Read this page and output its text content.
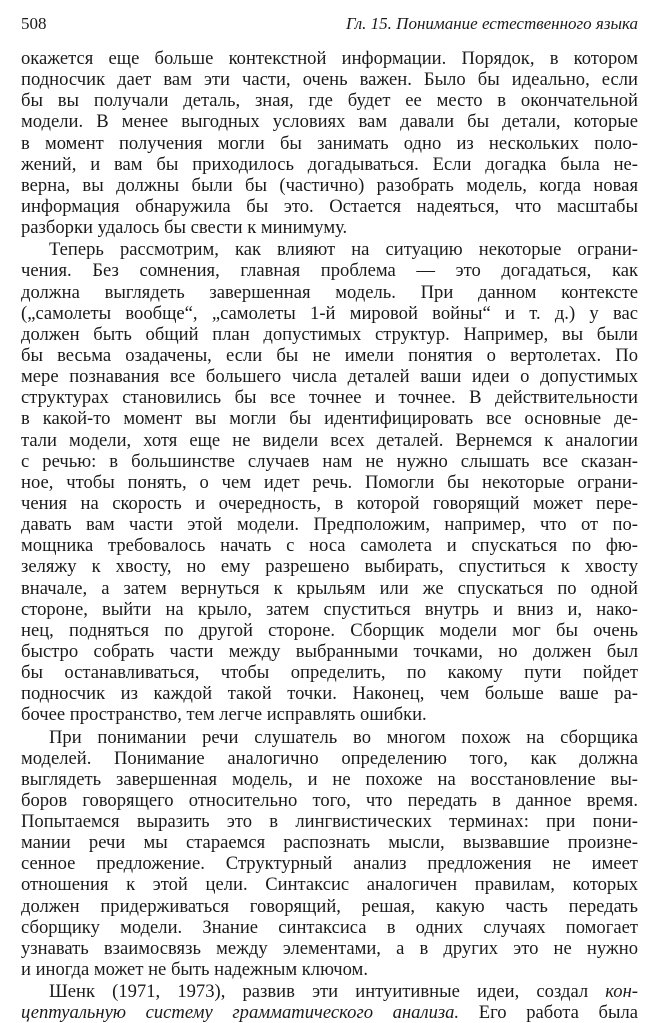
508	Гл. 15. Понимание естественного языка
окажется еще больше контекстной информации. Порядок, в котором
подносчик дает вам эти части, очень важен. Было бы идеально, если
бы вы получали деталь, зная, где будет ее место в окончательной
модели. В менее выгодных условиях вам давали бы детали, которые
в момент получения могли бы занимать одно из нескольких поло-
жений, и вам бы приходилось догадываться. Если догадка была не-
верна, вы должны были бы (частично) разобрать модель, когда новая
информация обнаружила бы это. Остается надеяться, что масштабы
разборки удалось бы свести к минимуму.
Теперь рассмотрим, как влияют на ситуацию некоторые ограни-
чения. Без сомнения, главная проблема — это догадаться, как
должна выглядеть завершенная модель. При данном контексте
(„самолеты вообще“, „самолеты 1-й мировой войны“ и т. д.) у вас
должен быть общий план допустимых структур. Например, вы были
бы весьма озадачены, если бы не имели понятия о вертолетах. По
мере познавания все большего числа деталей ваши идеи о допустимых
структурах становились бы все точнее и точнее. В действительности
в какой-то момент вы могли бы идентифицировать все основные де-
тали модели, хотя еще не видели всех деталей. Вернемся к аналогии
с речью: в большинстве случаев нам не нужно слышать все сказан-
ное, чтобы понять, о чем идет речь. Помогли бы некоторые ограни-
чения на скорость и очередность, в которой говорящий может пере-
давать вам части этой модели. Предположим, например, что от по-
мощника требовалось начать с носа самолета и спускаться по фю-
зеляжу к хвосту, но ему разрешено выбирать, спуститься к хвосту
вначале, а затем вернуться к крыльям или же спускаться по одной
стороне, выйти на крыло, затем спуститься внутрь и вниз и, нако-
нец, подняться по другой стороне. Сборщик модели мог бы очень
быстро собрать части между выбранными точками, но должен был
бы останавливаться, чтобы определить, по какому пути пойдет
подносчик из каждой такой точки. Наконец, чем больше ваше ра-
бочее пространство, тем легче исправлять ошибки.
При понимании речи слушатель во многом похож на сборщика
моделей. Понимание аналогично определению того, как должна
выглядеть завершенная модель, и не похоже на восстановление вы-
боров говорящего относительно того, что передать в данное время.
Попытаемся выразить это в лингвистических терминах: при пони-
мании речи мы стараемся распознать мысли, вызвавшие произне-
сенное предложение. Структурный анализ предложения не имеет
отношения к этой цели. Синтаксис аналогичен правилам, которых
должен придерживаться говорящий, решая, какую часть передать
сборщику модели. Знание синтаксиса в одних случаях помогает
узнавать взаимосвязь между элементами, а в других это не нужно
и иногда может не быть надежным ключом.
Шенк (1971, 1973), развив эти интуитивные идеи, создал кон-
цептуальную систему грамматического анализа. Его работа была
